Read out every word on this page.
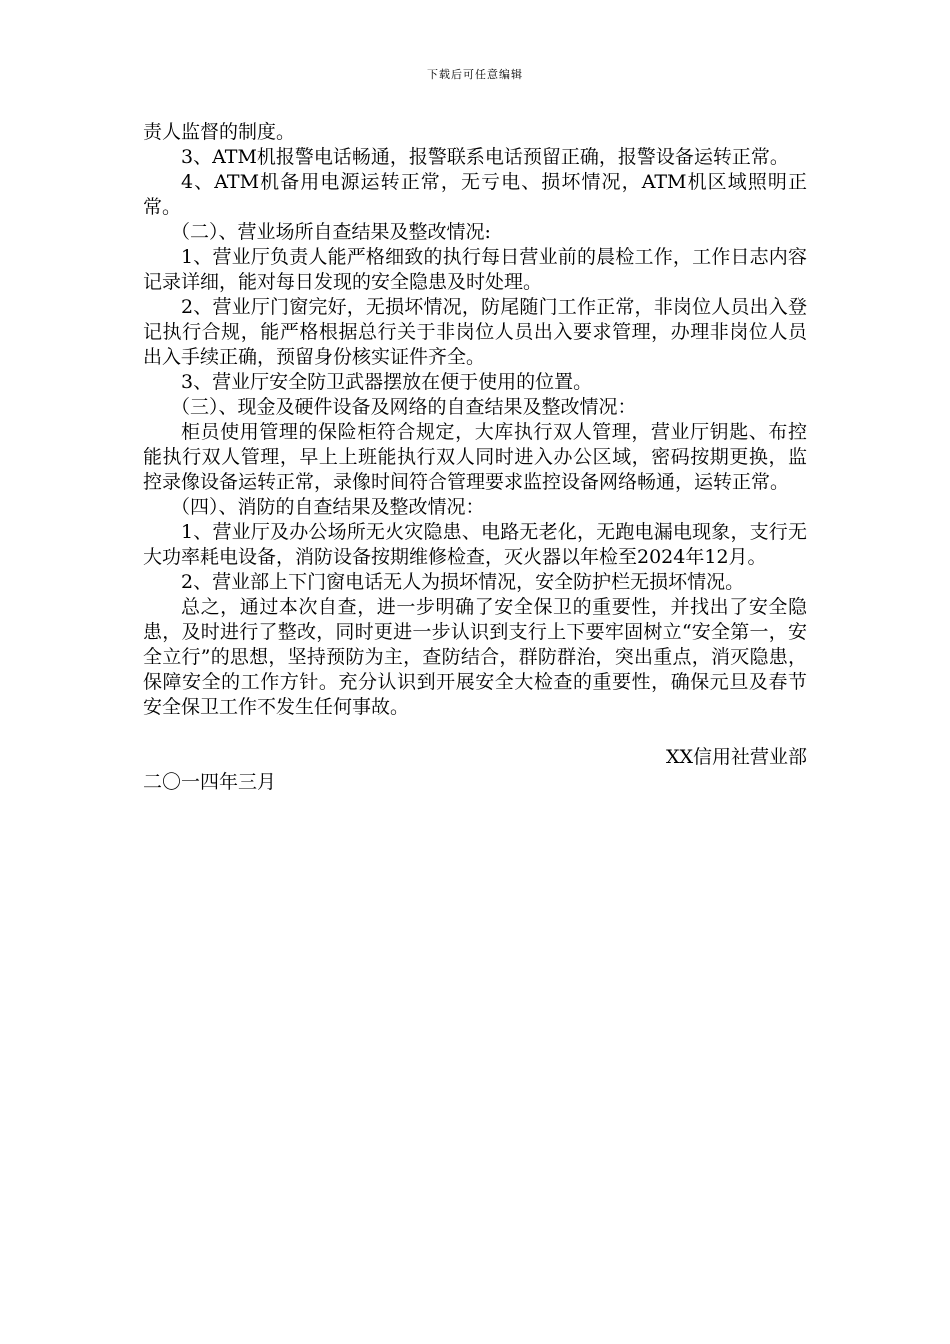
下载后可任意编辑

责人监督的制度。

3、ATM机报警电话畅通，报警联系电话预留正确，报警设备运转正常。

4、ATM机备用电源运转正常，无亏电、损坏情况，ATM机区域照明正常。

（二）、营业场所自查结果及整改情况:

1、营业厅负责人能严格细致的执行每日营业前的晨检工作，工作日志内容记录详细，能对每日发现的安全隐患及时处理。

2、营业厅门窗完好，无损坏情况，防尾随门工作正常，非岗位人员出入登记执行合规，能严格根据总行关于非岗位人员出入要求管理，办理非岗位人员出入手续正确，预留身份核实证件齐全。

3、营业厅安全防卫武器摆放在便于使用的位置。

（三）、现金及硬件设备及网络的自查结果及整改情况：

柜员使用管理的保险柜符合规定，大库执行双人管理，营业厅钥匙、布控能执行双人管理，早上上班能执行双人同时进入办公区域，密码按期更换，监控录像设备运转正常，录像时间符合管理要求监控设备网络畅通，运转正常。

（四）、消防的自查结果及整改情况：

1、营业厅及办公场所无火灾隐患、电路无老化，无跑电漏电现象，支行无大功率耗电设备，消防设备按期维修检查，灭火器以年检至2024年12月。

2、营业部上下门窗电话无人为损坏情况，安全防护栏无损坏情况。

总之，通过本次自查，进一步明确了安全保卫的重要性，并找出了安全隐患，及时进行了整改，同时更进一步认识到支行上下要牢固树立“安全第一，安全立行”的思想，坚持预防为主，查防结合，群防群治，突出重点，消灭隐患，保障安全的工作方针。充分认识到开展安全大检查的重要性，确保元旦及春节安全保卫工作不发生任何事故。

XX信用社营业部

二〇一四年三月
